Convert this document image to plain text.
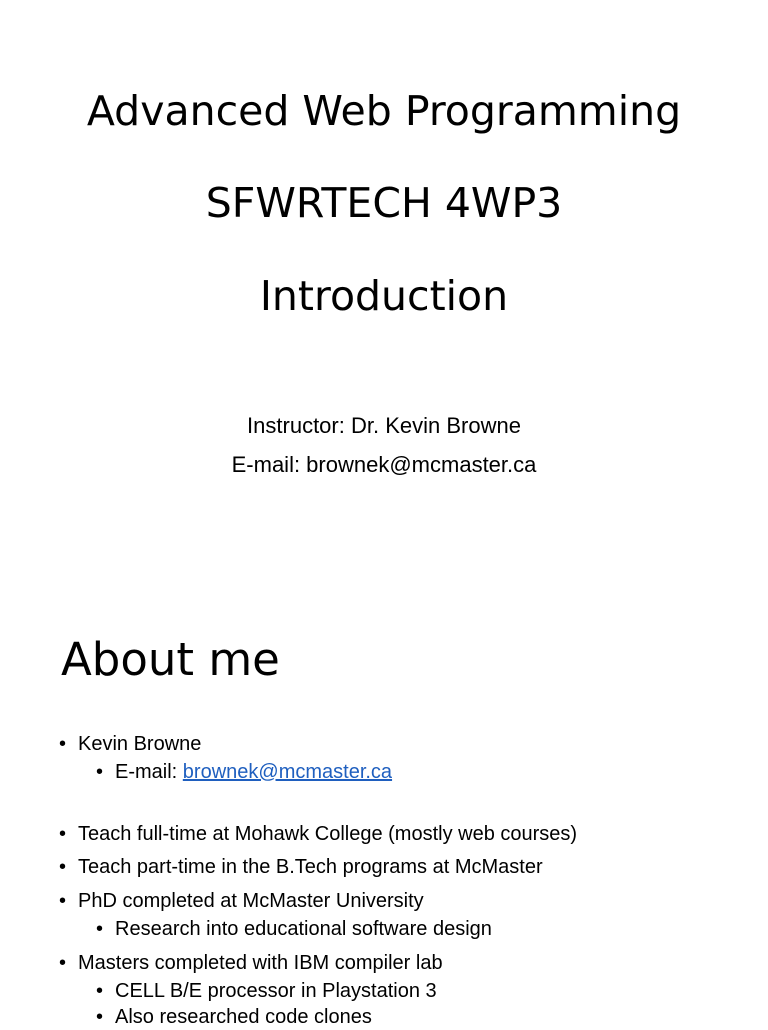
Advanced Web Programming
SFWRTECH 4WP3
Introduction
Instructor: Dr. Kevin Browne
E-mail: brownek@mcmaster.ca
About me
• Kevin Browne
• E-mail: brownek@mcmaster.ca
• Teach full-time at Mohawk College (mostly web courses)
• Teach part-time in the B.Tech programs at McMaster
• PhD completed at McMaster University
• Research into educational software design
• Masters completed with IBM compiler lab
• CELL B/E processor in Playstation 3
• Also researched code clones
